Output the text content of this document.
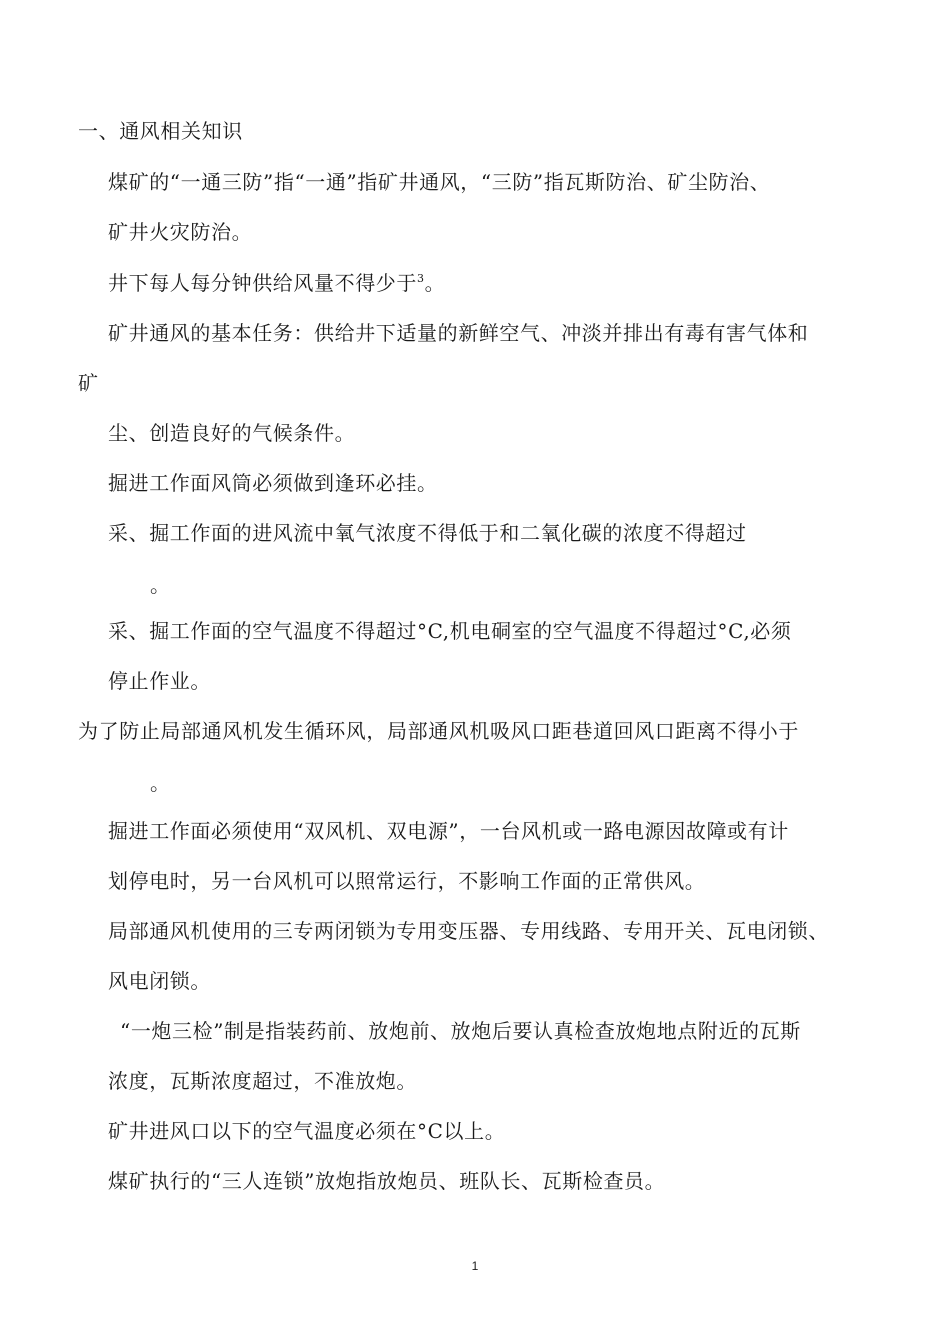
一、通风相关知识
煤矿的“一通三防”指“一通”指矿井通风，“三防”指瓦斯防治、矿尘防治、
矿井火灾防治。
井下每人每分钟供给风量不得少于$^3$。
矿井通风的基本任务：供给井下适量的新鲜空气、冲淡并排出有毒有害气体和
矿
尘、创造良好的气候条件。
掘进工作面风筒必须做到逢环必挂。
采、掘工作面的进风流中氧气浓度不得低于和二氧化碳的浓度不得超过
。
采、掘工作面的空气温度不得超过°C,机电硐室的空气温度不得超过°C,必须
停止作业。
为了防止局部通风机发生循环风，局部通风机吸风口距巷道回风口距离不得小于
。
掘进工作面必须使用“双风机、双电源”，一台风机或一路电源因故障或有计
划停电时，另一台风机可以照常运行，不影响工作面的正常供风。
局部通风机使用的三专两闭锁为专用变压器、专用线路、专用开关、瓦电闭锁、
风电闭锁。
“一炮三检”制是指装药前、放炮前、放炮后要认真检查放炮地点附近的瓦斯
浓度，瓦斯浓度超过，不准放炮。
矿井进风口以下的空气温度必须在°C以上。
煤矿执行的“三人连锁”放炮指放炮员、班队长、瓦斯检查员。
1
